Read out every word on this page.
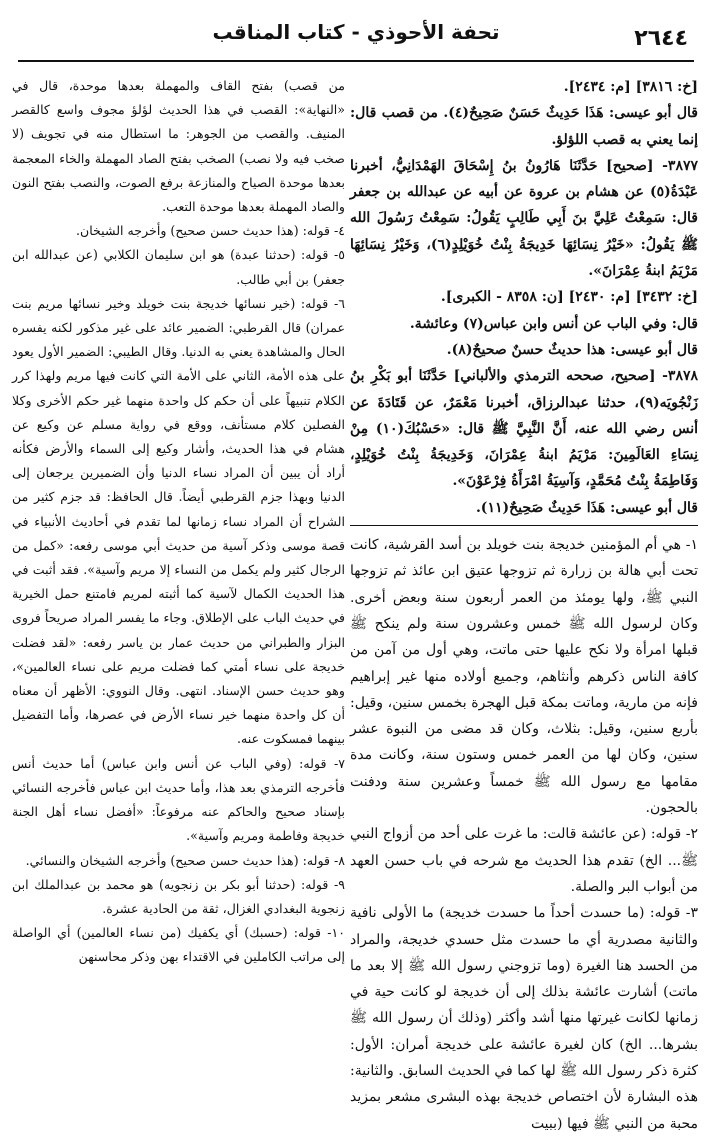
٢٦٤٤
تحفة الأحوذي - كتاب المناقب

[خ: ٣٨١٦] [م: ٢٤٣٤].

قال أبو عيسى: هَذَا حَدِيثٌ حَسَنٌ صَحِيحٌ(٤). من قصب قال: إنما يعني به قصب اللؤلؤ.

٣٨٧٧- [صحيح] حَدَّثَنَا هَارُونُ بنُ إِسْحَاقَ الهَمْدَانِيُّ، أخبرنا عَبْدَةُ(٥) عن هشام بن عروة عن أبيه عن عبدالله بن جعفر قال: سَمِعْتُ عَلِيَّ بنَ أَبِي طَالِبٍ يَقُولُ: سَمِعْتُ رَسُولَ الله ﷺ يَقُولُ: «خَيْرُ نِسَائِهَا خَدِيجَةُ بِنْتُ خُوَيْلِدٍ(٦)، وَخَيْرُ نِسَائِهَا مَرْيَمُ ابنةُ عِمْرَانَ».

[خ: ٣٤٣٢] [م: ٢٤٣٠] [ن: ٨٣٥٨ - الكبرى].

قال: وفي الباب عن أنس وابن عباس(٧) وعائشة.

قال أبو عيسى: هذا حديثٌ حسنٌ صحيحٌ(٨).

٣٨٧٨- [صحيح، صححه الترمذي والألباني] حَدَّثَنَا أبو بَكْرِ بنُ زَنْجُويَه(٩)، حدثنا عبدالرزاق، أخبرنا مَعْمَرٌ، عن قَتَادَةَ عن أنس رضي الله عنه، أَنَّ النَّبِيَّ ﷺ قال: «حَسْبُكَ(١٠) مِنْ نِسَاءِ العَالَمِينَ: مَرْيَمُ ابنةُ عِمْرَانَ، وَخَدِيجَةُ بِنْتُ خُوَيْلِدٍ، وَفَاطِمَةُ بِنْتُ مُحَمَّدٍ، وَآسِيَةُ امْرَأَةُ فِرْعَوْنَ».

قال أبو عيسى: هَذَا حَدِيثٌ صَحِيحٌ(١١).

١- هي أم المؤمنين خديجة بنت خويلد بن أسد القرشية، كانت تحت أبي هالة بن زرارة ثم تزوجها عتيق ابن عائذ ثم تزوجها النبي ﷺ، ولها يومئذ من العمر أربعون سنة وبعض أخرى. وكان لرسول الله ﷺ خمس وعشرون سنة ولم ينكح ﷺ قبلها امرأة ولا نكح عليها حتى ماتت، وهي أول من آمن من كافة الناس ذكرهم وأنثاهم، وجميع أولاده منها غير إبراهيم فإنه من مارية، وماتت بمكة قبل الهجرة بخمس سنين، وقيل: بأربع سنين، وقيل: بثلاث، وكان قد مضى من النبوة عشر سنين، وكان لها من العمر خمس وستون سنة، وكانت مدة مقامها مع رسول الله ﷺ خمساً وعشرين سنة ودفنت بالحجون.

٢- قوله: (عن عائشة قالت: ما غرت على أحد من أزواج النبي ﷺ... الخ) تقدم هذا الحديث مع شرحه في باب حسن العهد من أبواب البر والصلة.

٣- قوله: (ما حسدت أحداً ما حسدت خديجة) ما الأولى نافية والثانية مصدرية أي ما حسدت مثل حسدي خديجة، والمراد من الحسد هنا الغيرة (وما تزوجني رسول الله ﷺ إلا بعد ما ماتت) أشارت عائشة بذلك إلى أن خديجة لو كانت حية في زمانها لكانت غيرتها منها أشد وأكثر (وذلك أن رسول الله ﷺ بشرها... الخ) كان لغيرة عائشة على خديجة أمران: الأول: كثرة ذكر رسول الله ﷺ لها كما في الحديث السابق. والثانية: هذه البشارة لأن اختصاص خديجة بهذه البشرى مشعر بمزيد محبة من النبي ﷺ فيها (ببيت

من قصب) بفتح القاف والمهملة بعدها موحدة، قال في «النهاية»: القصب في هذا الحديث لؤلؤ مجوف واسع كالقصر المنيف. والقصب من الجوهر: ما استطال منه في تجويف (لا صخب فيه ولا نصب) الصخب بفتح الصاد المهملة والخاء المعجمة بعدها موحدة الصياح والمنازعة برفع الصوت، والنصب بفتح النون والصاد المهملة بعدها موحدة التعب.

٤- قوله: (هذا حديث حسن صحيح) وأخرجه الشيخان.

٥- قوله: (حدثنا عبدة) هو ابن سليمان الكلابي (عن عبدالله ابن جعفر) بن أبي طالب.

٦- قوله: (خير نسائها خديجة بنت خويلد وخير نسائها مريم بنت عمران) قال القرطبي: الضمير عائد على غير مذكور لكنه يفسره الحال والمشاهدة يعني به الدنيا. وقال الطيبي: الضمير الأول يعود على هذه الأمة، الثاني على الأمة التي كانت فيها مريم ولهذا كرر الكلام تنبيهاً على أن حكم كل واحدة منهما غير حكم الأخرى وكلا الفصلين كلام مستأنف، ووقع في رواية مسلم عن وكيع عن هشام في هذا الحديث، وأشار وكيع إلى السماء والأرض فكأنه أراد أن يبين أن المراد نساء الدنيا وأن الضميرين يرجعان إلى الدنيا وبهذا جزم القرطبي أيضاً. قال الحافظ: قد جزم كثير من الشراح أن المراد نساء زمانها لما تقدم في أحاديث الأنبياء في قصة موسى وذكر آسية من حديث أبي موسى رفعه: «كمل من الرجال كثير ولم يكمل من النساء إلا مريم وآسية». فقد أثبت في هذا الحديث الكمال لآسية كما أثبته لمريم فامتنع حمل الخيرية في حديث الباب على الإطلاق. وجاء ما يفسر المراد صريحاً فروى البزار والطبراني من حديث عمار بن ياسر رفعه: «لقد فضلت خديجة على نساء أمتي كما فضلت مريم على نساء العالمين»، وهو حديث حسن الإسناد. انتهى. وقال النووي: الأظهر أن معناه أن كل واحدة منهما خير نساء الأرض في عصرها، وأما التفضيل بينهما فمسكوت عنه.

٧- قوله: (وفي الباب عن أنس وابن عباس) أما حديث أنس فأخرجه الترمذي بعد هذا، وأما حديث ابن عباس فأخرجه النسائي بإسناد صحيح والحاكم عنه مرفوعاً: «أفضل نساء أهل الجنة خديجة وفاطمة ومريم وآسية».

٨- قوله: (هذا حديث حسن صحيح) وأخرجه الشيخان والنسائي.

٩- قوله: (حدثنا أبو بكر بن زنجويه) هو محمد بن عبدالملك ابن زنجوية البغدادي الغزال، ثقة من الحادية عشرة.

١٠- قوله: (حسبك) أي يكفيك (من نساء العالمين) أي الواصلة إلى مراتب الكاملين في الاقتداء بهن وذكر محاسنهن
